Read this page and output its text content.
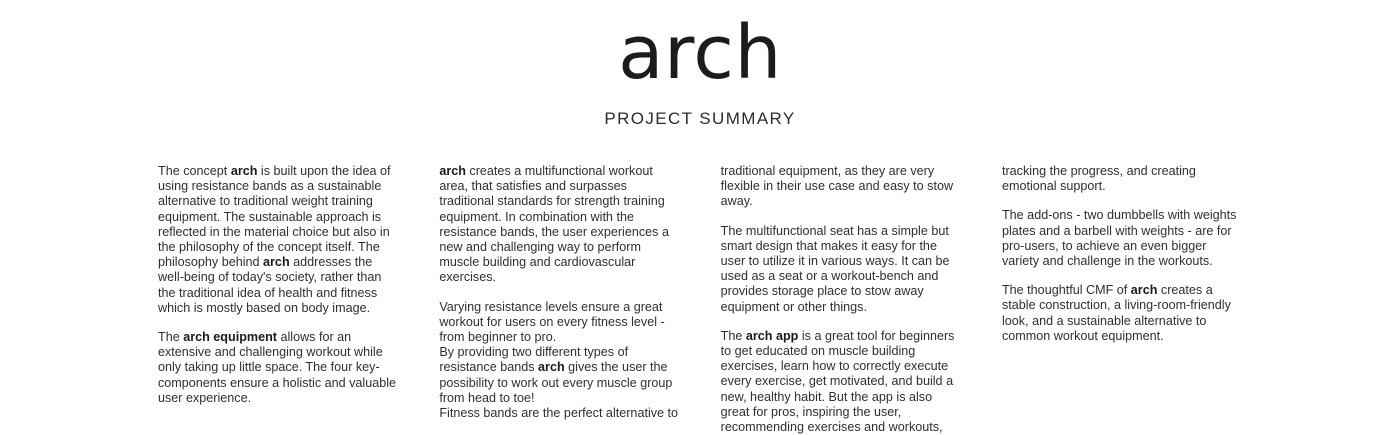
arch
PROJECT SUMMARY

The concept arch is built upon the idea of using resistance bands as a sustainable alternative to traditional weight training equipment. The sustainable approach is reflected in the material choice but also in the philosophy of the concept itself. The philosophy behind arch addresses the well-being of today's society, rather than the traditional idea of health and fitness which is mostly based on body image.

The arch equipment allows for an extensive and challenging workout while only taking up little space. The four key-components ensure a holistic and valuable user experience.

arch creates a multifunctional workout area, that satisfies and surpasses traditional standards for strength training equipment. In combination with the resistance bands, the user experiences a new and challenging way to perform muscle building and cardiovascular exercises.

Varying resistance levels ensure a great workout for users on every fitness level - from beginner to pro.

By providing two different types of resistance bands arch gives the user the possibility to work out every muscle group from head to toe!

Fitness bands are the perfect alternative to

traditional equipment, as they are very flexible in their use case and easy to stow away.

The multifunctional seat has a simple but smart design that makes it easy for the user to utilize it in various ways. It can be used as a seat or a workout-bench and provides storage place to stow away equipment or other things.

The arch app is a great tool for beginners to get educated on muscle building exercises, learn how to correctly execute every exercise, get motivated, and build a new, healthy habit. But the app is also great for pros, inspiring the user, recommending exercises and workouts,

tracking the progress, and creating emotional support.

The add-ons - two dumbbells with weights plates and a barbell with weights - are for pro-users, to achieve an even bigger variety and challenge in the workouts.

The thoughtful CMF of arch creates a stable construction, a living-room-friendly look, and a sustainable alternative to common workout equipment.
